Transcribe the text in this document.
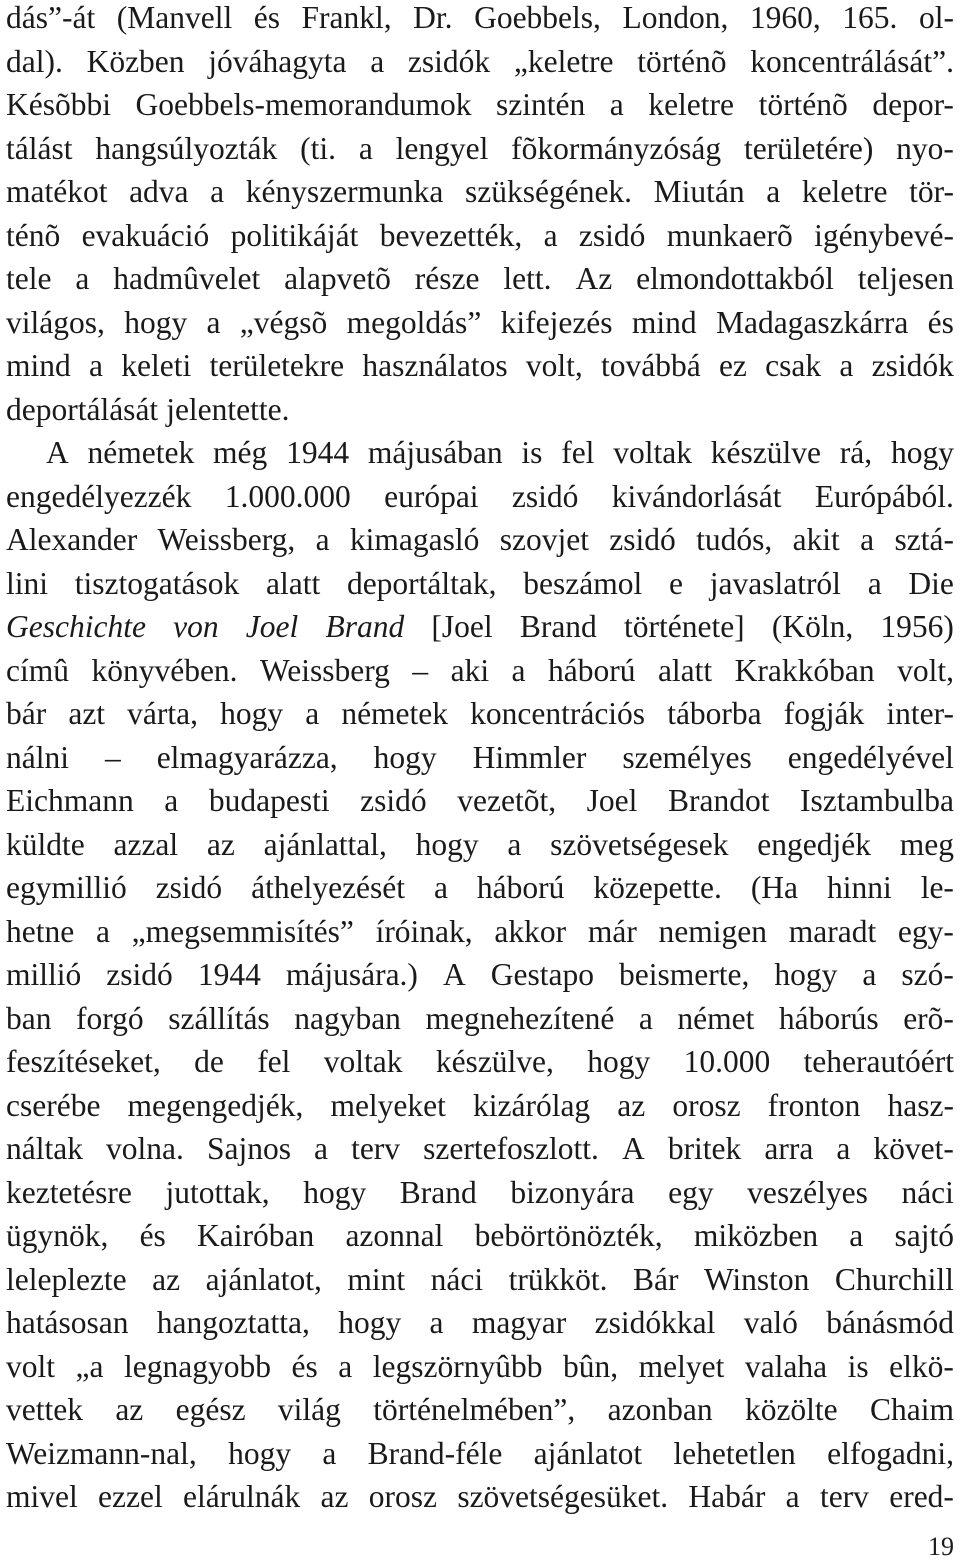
dás”-át (Manvell és Frankl, Dr. Goebbels, London, 1960, 165. ol-
dal). Közben jóváhagyta a zsidók „keletre történõ koncentrálását”.
Késõbbi Goebbels-memorandumok szintén a keletre történõ depor-
tálást hangsúlyozták (ti. a lengyel fõkormányzóság területére) nyo-
matékot adva a kényszermunka szükségének. Miután a keletre tör-
ténõ evakuáció politikáját bevezették, a zsidó munkaerõ igénybevé-
tele a hadmûvelet alapvetõ része lett. Az elmondottakból teljesen
világos, hogy a „végsõ megoldás” kifejezés mind Madagaszkárra és
mind a keleti területekre használatos volt, továbbá ez csak a zsidók
deportálását jelentette.
A németek még 1944 májusában is fel voltak készülve rá, hogy
engedélyezzék 1.000.000 európai zsidó kivándorlását Európából.
Alexander Weissberg, a kimagasló szovjet zsidó tudós, akit a sztá-
lini tisztogatások alatt deportáltak, beszámol e javaslatról a Die
Geschichte von Joel Brand [Joel Brand története] (Köln, 1956)
címû könyvében. Weissberg – aki a háború alatt Krakkóban volt,
bár azt várta, hogy a németek koncentrációs táborba fogják inter-
nálni – elmagyarázza, hogy Himmler személyes engedélyével
Eichmann a budapesti zsidó vezetõt, Joel Brandot Isztambulba
küldte azzal az ajánlattal, hogy a szövetségesek engedjék meg
egymillió zsidó áthelyezését a háború közepette. (Ha hinni le-
hetne a „megsemmisítés” íróinak, akkor már nemigen maradt egy-
millió zsidó 1944 májusára.) A Gestapo beismerte, hogy a szó-
ban forgó szállítás nagyban megnehezítené a német háborús erõ-
feszítéseket, de fel voltak készülve, hogy 10.000 teherautóért
cserébe megengedjék, melyeket kizárólag az orosz fronton hasz-
náltak volna. Sajnos a terv szertefoszlott. A britek arra a követ-
keztetésre jutottak, hogy Brand bizonyára egy veszélyes náci
ügynök, és Kairóban azonnal bebörtönözték, miközben a sajtó
leleplezte az ajánlatot, mint náci trükköt. Bár Winston Churchill
hatásosan hangoztatta, hogy a magyar zsidókkal való bánásmód
volt „a legnagyobb és a legszörnyûbb bûn, melyet valaha is elkö-
vettek az egész világ történelmében”, azonban közölte Chaim
Weizmann-nal, hogy a Brand-féle ajánlatot lehetetlen elfogadni,
mivel ezzel elárulnák az orosz szövetségesüket. Habár a terv ered-
19
